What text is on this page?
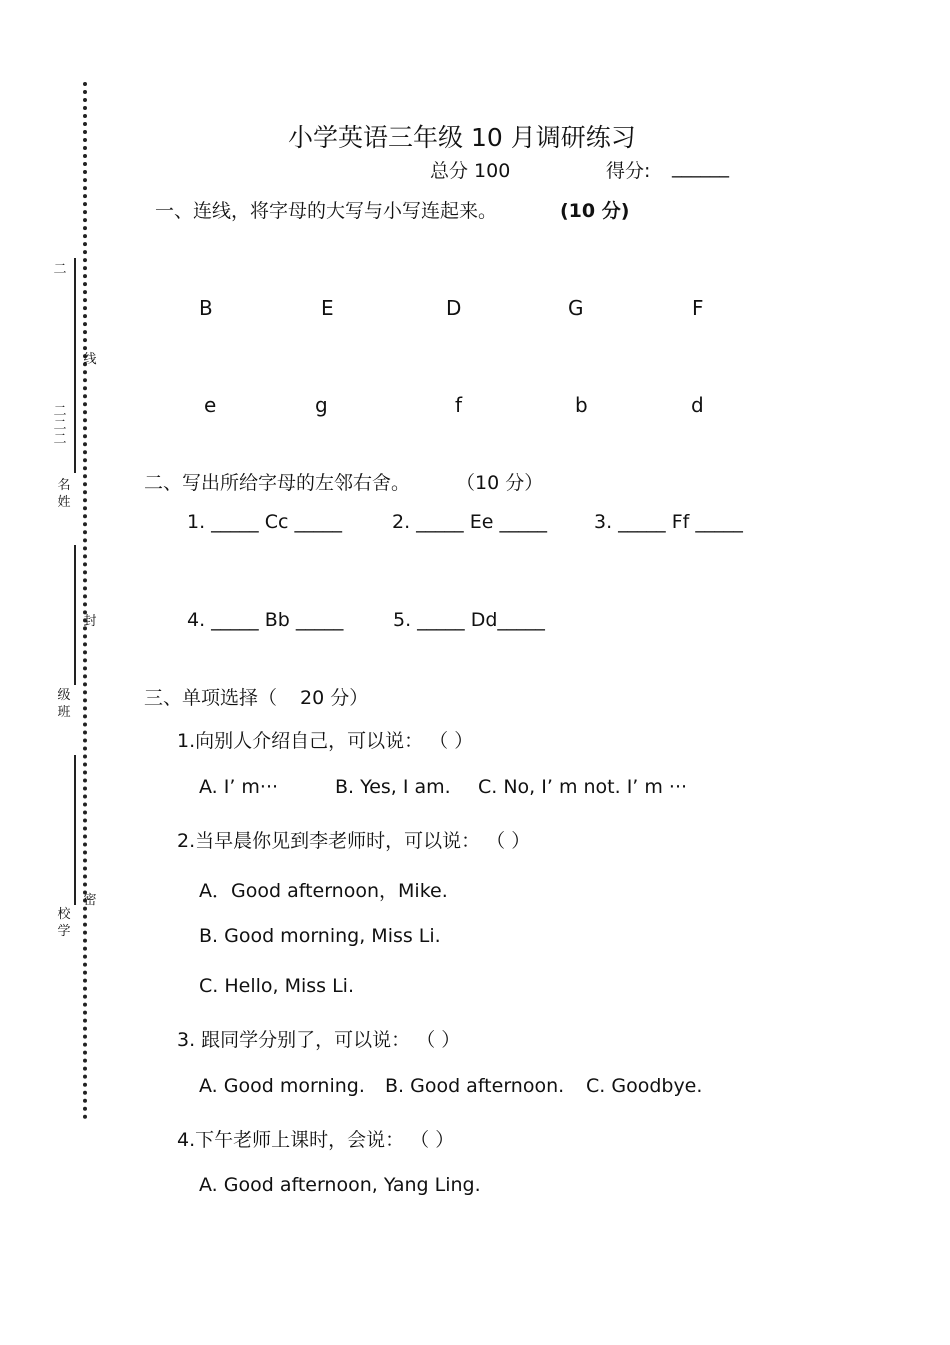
二
二
二
二
线
封
密
名
姓
级
班
校
学
小学英语三年级 10 月调研练习
总分 100	得分: ______
一、连线，将字母的大写与小写连起来。	(10 分)
B	E	D	G	F
e	g	f	b	d
二、写出所给字母的左邻右舍。 （10 分）
1. _____ Cc _____	2. _____ Ee _____ 3. _____ Ff _____
4. _____ Bb _____	5. _____ Dd_____
三、单项选择（ 20 分）
1.向别人介绍自己，可以说： （ ）
A. I’ m···	B. Yes, I am. C. No, I’ m not. I’ m ···
2.当早晨你见到李老师时，可以说： （ ）
A．Good afternoon，Mike.
B. Good morning, Miss Li.
C. Hello, Miss Li.
3. 跟同学分别了，可以说： （ ）
A. Good morning. B. Good afternoon. C. Goodbye.
4.下午老师上课时，会说： （ ）
A. Good afternoon, Yang Ling.
